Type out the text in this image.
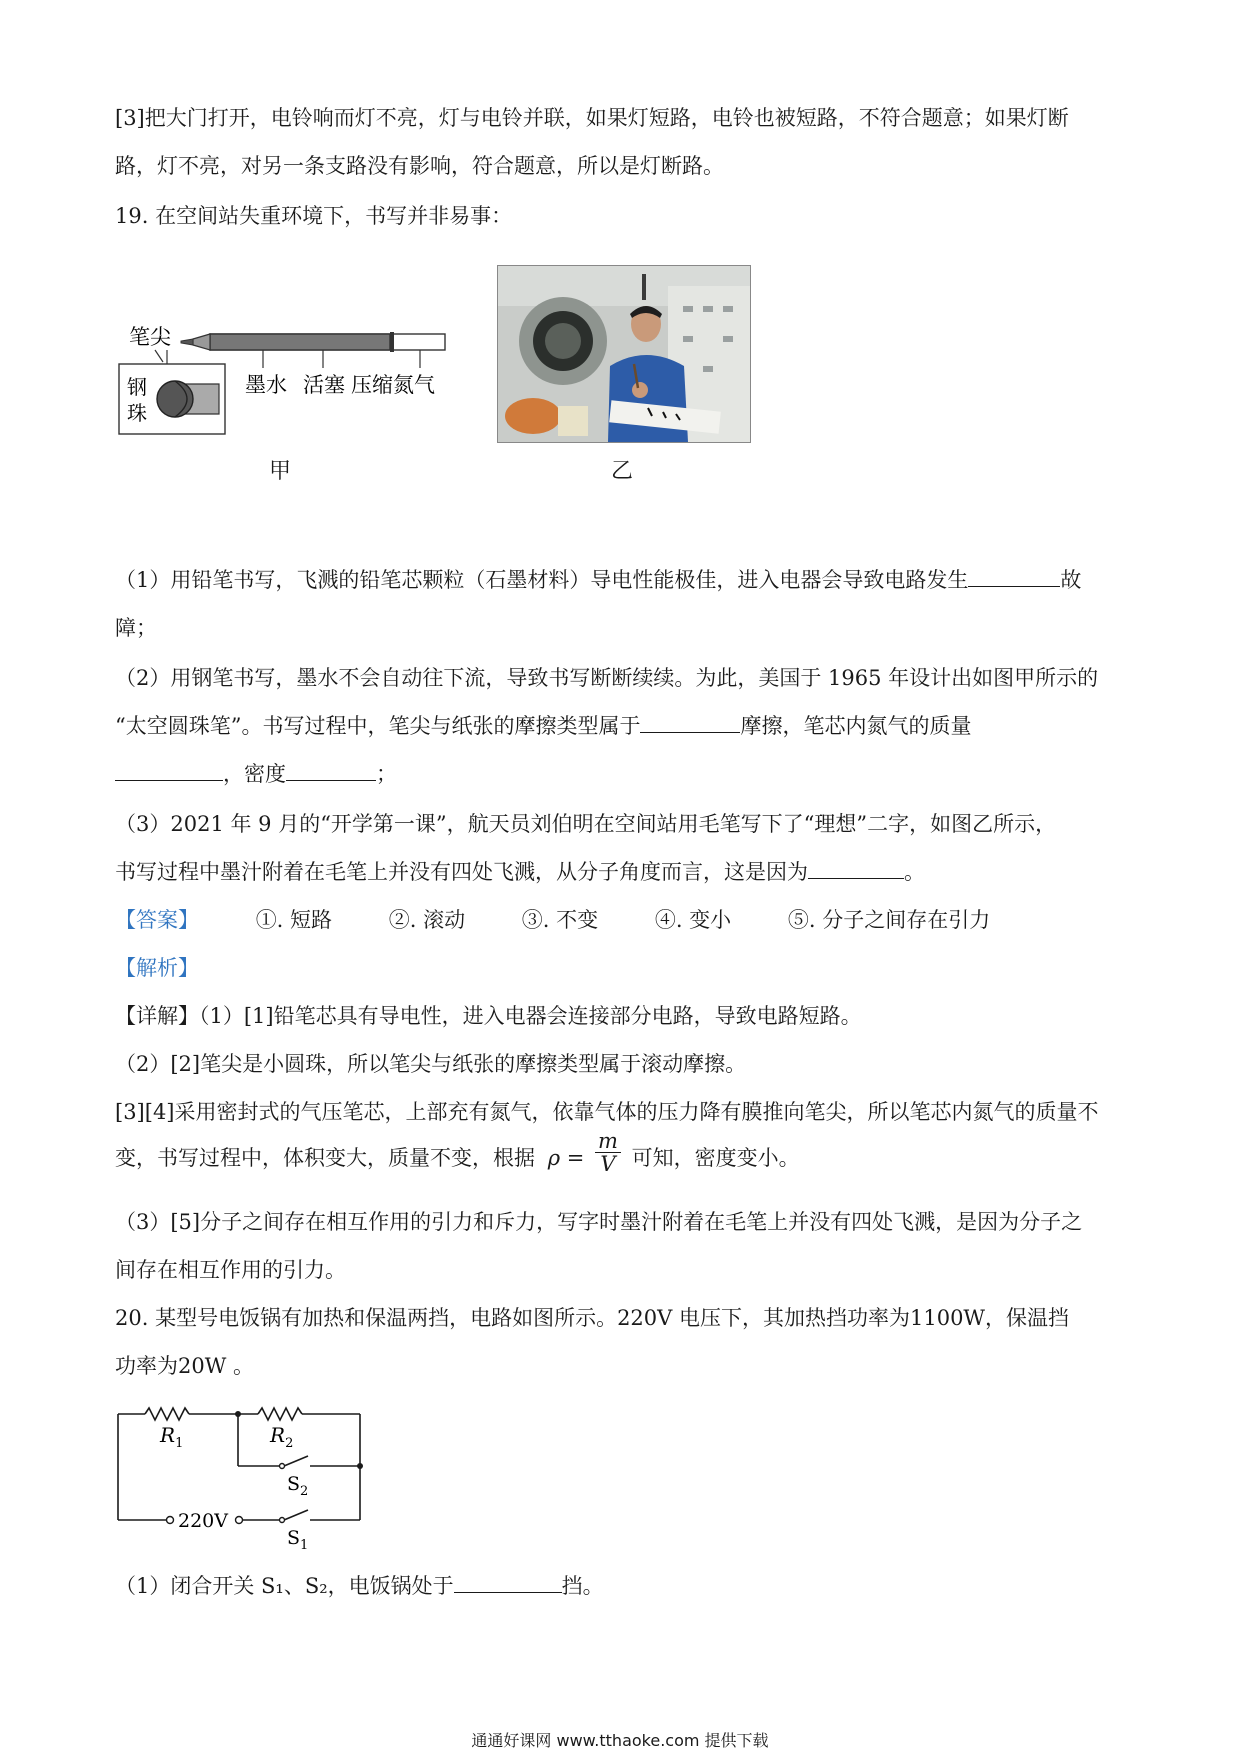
[3]把大门打开，电铃响而灯不亮，灯与电铃并联，如果灯短路，电铃也被短路，不符合题意；如果灯断
路，灯不亮，对另一条支路没有影响，符合题意，所以是灯断路。
19. 在空间站失重环境下，书写并非易事：
笔尖
墨水 活塞 压缩氮气
钢
珠
甲	乙
（1）用铅笔书写，飞溅的铅笔芯颗粒（石墨材料）导电性能极佳，进入电器会导致电路发生	故
障；
（2）用钢笔书写，墨水不会自动往下流，导致书写断断续续。为此，美国于 1965 年设计出如图甲所示的
“太空圆珠笔”。书写过程中，笔尖与纸张的摩擦类型属于	摩擦，笔芯内氮气的质量
，密度	；
（3）2021 年 9 月的“开学第一课”，航天员刘伯明在空间站用毛笔写下了“理想”二字，如图乙所示，
书写过程中墨汁附着在毛笔上并没有四处飞溅，从分子角度而言，这是因为	。
【答案】	①. 短路	②. 滚动	③. 不变	④. 变小	⑤. 分子之间存在引力
【解析】
【详解】（1）[1]铅笔芯具有导电性，进入电器会连接部分电路，导致电路短路。
（2）[2]笔尖是小圆珠，所以笔尖与纸张的摩擦类型属于滚动摩擦。
[3][4]采用密封式的气压笔芯，上部充有氮气，依靠气体的压力降有膜推向笔尖，所以笔芯内氮气的质量不
变，书写过程中，体积变大，质量不变，根据 $\rho = \frac{m}{V}$ 可知，密度变小。
（3）[5]分子之间存在相互作用的引力和斥力，写字时墨汁附着在毛笔上并没有四处飞溅，是因为分子之
间存在相互作用的引力。
20. 某型号电饭锅有加热和保温两挡，电路如图所示。220V 电压下，其加热挡功率为1100W，保温挡
功率为20W 。
$R_1$	$R_2$
$S_2$
220V
$S_1$
（1）闭合开关 S₁、S₂，电饭锅处于	挡。
通通好课网 www.tthaoke.com 提供下载
